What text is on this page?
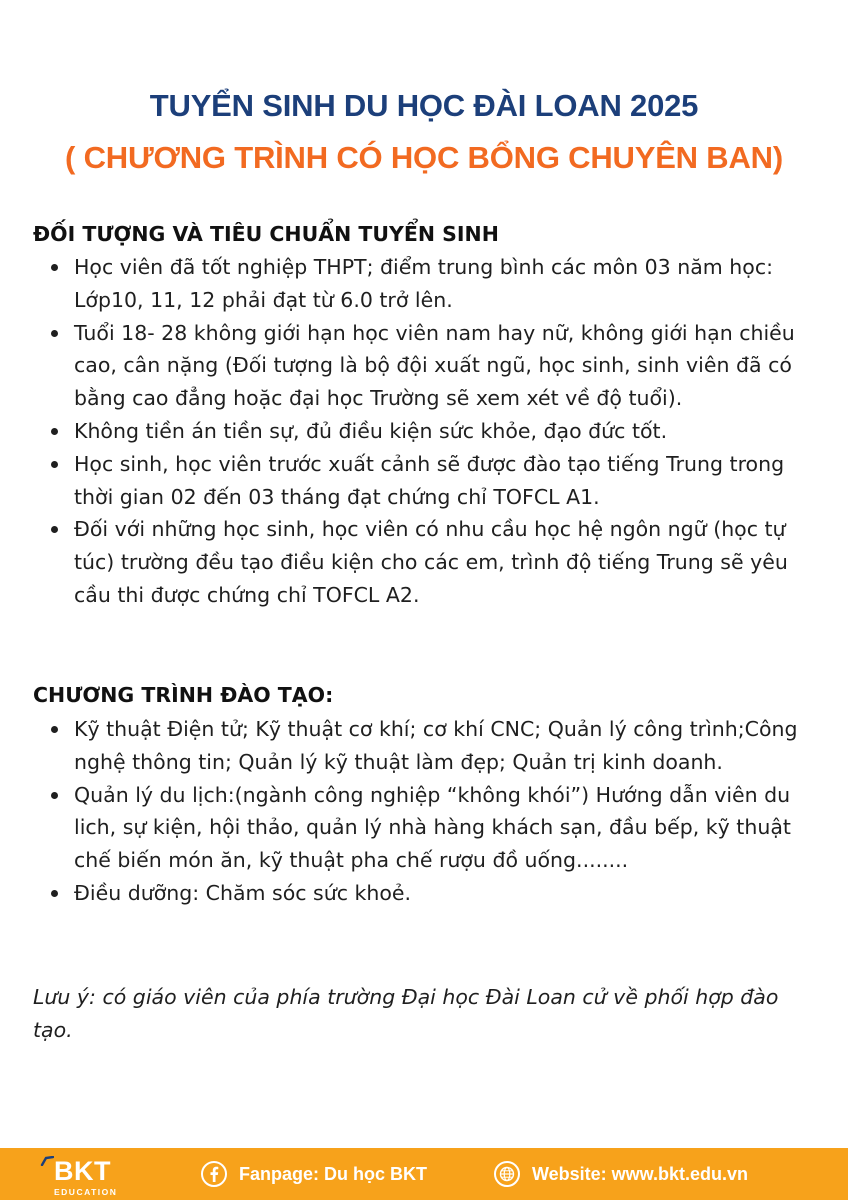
TUYỂN SINH DU HỌC ĐÀI LOAN 2025
( CHƯƠNG TRÌNH CÓ HỌC BỔNG CHUYÊN BAN)
ĐỐI TƯỢNG VÀ TIÊU CHUẨN TUYỂN SINH
Học viên đã tốt nghiệp THPT; điểm trung bình các môn 03 năm học: Lớp10, 11, 12 phải đạt từ 6.0 trở lên.
Tuổi 18- 28 không giới hạn học viên nam hay nữ, không giới hạn chiều cao, cân nặng (Đối tượng là bộ đội xuất ngũ, học sinh, sinh viên đã có bằng cao đẳng hoặc đại học Trường sẽ xem xét về độ tuổi).
Không tiền án tiền sự, đủ điều kiện sức khỏe, đạo đức tốt.
Học sinh, học viên trước xuất cảnh sẽ được đào tạo tiếng Trung trong thời gian 02 đến 03 tháng đạt chứng chỉ TOFCL A1.
Đối với những học sinh, học viên có nhu cầu học hệ ngôn ngữ (học tự túc) trường đều tạo điều kiện cho các em, trình độ tiếng Trung sẽ yêu cầu thi được chứng chỉ TOFCL A2.
CHƯƠNG TRÌNH ĐÀO TẠO:
Kỹ thuật Điện tử; Kỹ thuật cơ khí; cơ khí CNC; Quản lý công trình;Công nghệ thông tin; Quản lý kỹ thuật làm đẹp; Quản trị kinh doanh.
Quản lý du lịch:(ngành công nghiệp “không khói”) Hướng dẫn viên du lich, sự kiện, hội thảo, quản lý nhà hàng khách sạn, đầu bếp, kỹ thuật chế biến món ăn, kỹ thuật pha chế rượu đồ uống........
Điều dưỡng: Chăm sóc sức khoẻ.

Lưu ý: có giáo viên của phía trường Đại học Đài Loan cử về phối hợp đào tạo.

BKT
EDUCATION
Fanpage: Du học BKT	Website: www.bkt.edu.vn
